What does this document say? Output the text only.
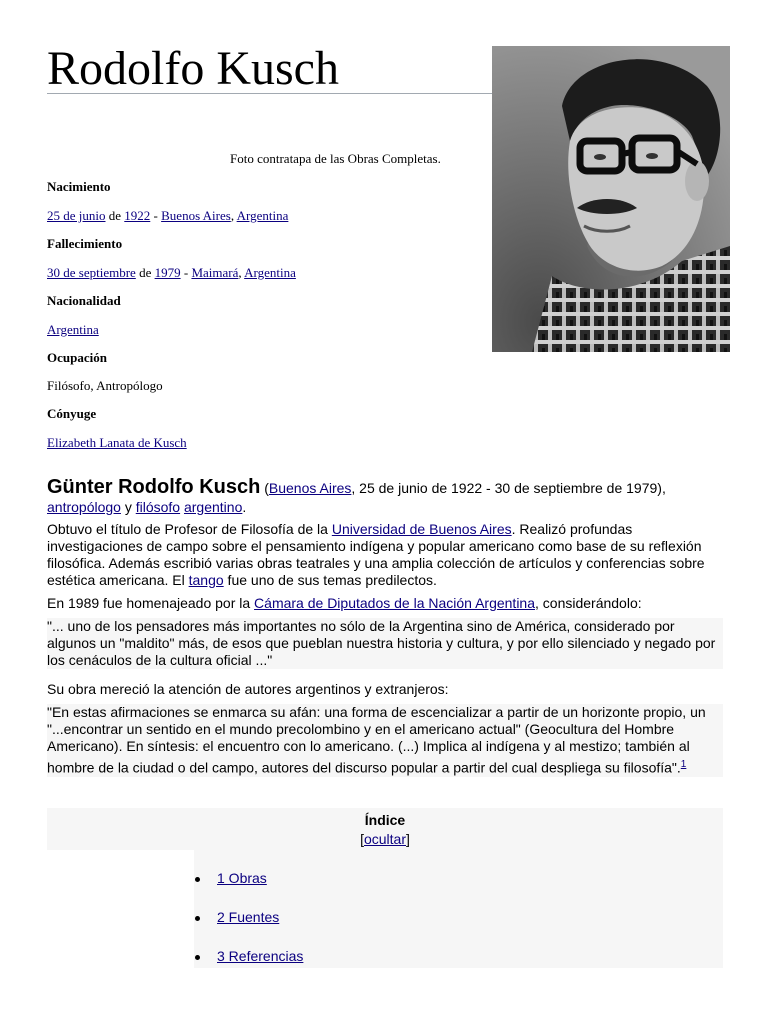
Rodolfo Kusch
Foto contratapa de las Obras Completas.
Nacimiento
25 de junio de 1922 - Buenos Aires, Argentina
Fallecimiento
30 de septiembre de 1979 - Maimará, Argentina
Nacionalidad
Argentina
Ocupación
Filósofo, Antropólogo
Cónyuge
Elizabeth Lanata de Kusch

Günter Rodolfo Kusch (Buenos Aires, 25 de junio de 1922 - 30 de septiembre de 1979), antropólogo y filósofo argentino.

Obtuvo el título de Profesor de Filosofía de la Universidad de Buenos Aires. Realizó profundas investigaciones de campo sobre el pensamiento indígena y popular americano como base de su reflexión filosófica. Además escribió varias obras teatrales y una amplia colección de artículos y conferencias sobre estética americana. El tango fue uno de sus temas predilectos.

En 1989 fue homenajeado por la Cámara de Diputados de la Nación Argentina, considerándolo:

"... uno de los pensadores más importantes no sólo de la Argentina sino de América, considerado por algunos un "maldito" más, de esos que pueblan nuestra historia y cultura, y por ello silenciado y negado por los cenáculos de la cultura oficial ..."

Su obra mereció la atención de autores argentinos y extranjeros:

"En estas afirmaciones se enmarca su afán: una forma de escencializar a partir de un horizonte propio, un "...encontrar un sentido en el mundo precolombino y en el americano actual" (Geocultura del Hombre Americano). En síntesis: el encuentro con lo americano. (...) Implica al indígena y al mestizo; también al hombre de la ciudad o del campo, autores del discurso popular a partir del cual despliega su filosofía".$^1$

Índice
[ocultar]
1 Obras
2 Fuentes
3 Referencias
